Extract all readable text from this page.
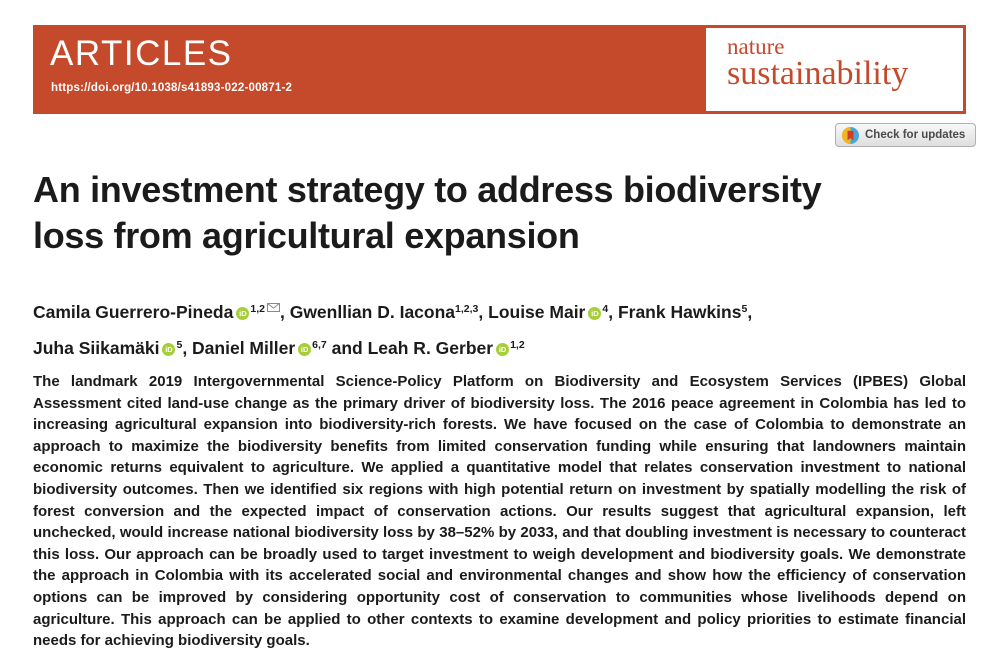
ARTICLES
https://doi.org/10.1038/s41893-022-00871-2
nature
sustainability
Check for updates
An investment strategy to address biodiversity
loss from agricultural expansion
Camila Guerrero-Pineda iD $^{1,2}$ , Gwenllian D. Iacona$^{1,2,3}$, Louise Mair iD $^4$, Frank Hawkins$^5$,
Juha Siikamäki iD $^5$, Daniel Miller iD $^{6,7}$ and Leah R. Gerber iD $^{1,2}$

The landmark 2019 Intergovernmental Science-Policy Platform on Biodiversity and Ecosystem Services (IPBES) Global Assessment cited land-use change as the primary driver of biodiversity loss. The 2016 peace agreement in Colombia has led to increasing agricultural expansion into biodiversity-rich forests. We have focused on the case of Colombia to demonstrate an approach to maximize the biodiversity benefits from limited conservation funding while ensuring that landowners maintain economic returns equivalent to agriculture. We applied a quantitative model that relates conservation investment to national biodiversity outcomes. Then we identified six regions with high potential return on investment by spatially modelling the risk of forest conversion and the expected impact of conservation actions. Our results suggest that agricultural expansion, left unchecked, would increase national biodiversity loss by 38–52% by 2033, and that doubling investment is necessary to counteract this loss. Our approach can be broadly used to target investment to weigh development and biodiversity goals. We demonstrate the approach in Colombia with its accelerated social and environmental changes and show how the efficiency of conservation options can be improved by considering opportunity cost of conservation to communities whose livelihoods depend on agriculture. This approach can be applied to other contexts to examine development and policy priorities to estimate financial needs for achieving biodiversity goals.
